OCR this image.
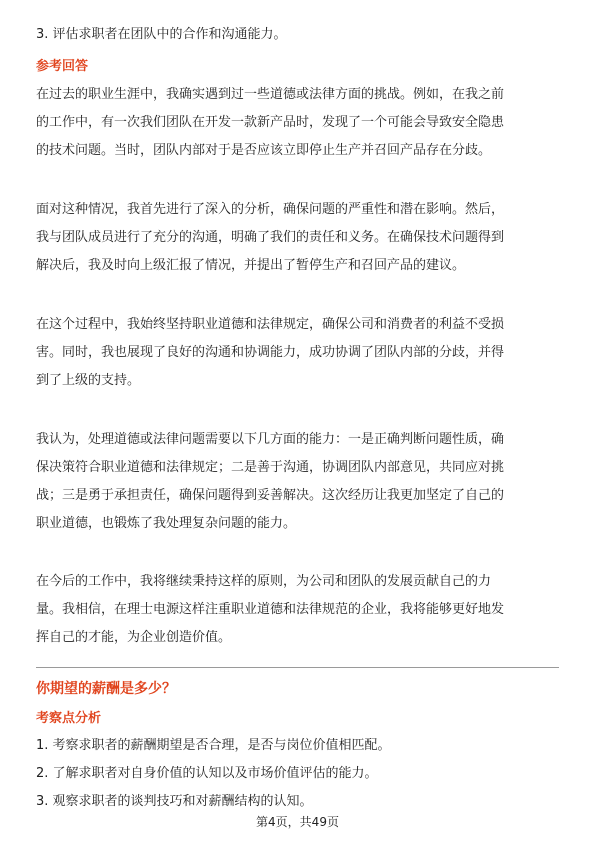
3. 评估求职者在团队中的合作和沟通能力。
参考回答
在过去的职业生涯中，我确实遇到过一些道德或法律方面的挑战。例如，在我之前
的工作中，有一次我们团队在开发一款新产品时，发现了一个可能会导致安全隐患
的技术问题。当时，团队内部对于是否应该立即停止生产并召回产品存在分歧。
面对这种情况，我首先进行了深入的分析，确保问题的严重性和潜在影响。然后，
我与团队成员进行了充分的沟通，明确了我们的责任和义务。在确保技术问题得到
解决后，我及时向上级汇报了情况，并提出了暂停生产和召回产品的建议。
在这个过程中，我始终坚持职业道德和法律规定，确保公司和消费者的利益不受损
害。同时，我也展现了良好的沟通和协调能力，成功协调了团队内部的分歧，并得
到了上级的支持。
我认为，处理道德或法律问题需要以下几方面的能力：一是正确判断问题性质，确
保决策符合职业道德和法律规定；二是善于沟通，协调团队内部意见，共同应对挑
战；三是勇于承担责任，确保问题得到妥善解决。这次经历让我更加坚定了自己的
职业道德，也锻炼了我处理复杂问题的能力。
在今后的工作中，我将继续秉持这样的原则，为公司和团队的发展贡献自己的力
量。我相信，在理士电源这样注重职业道德和法律规范的企业，我将能够更好地发
挥自己的才能，为企业创造价值。
你期望的薪酬是多少？
考察点分析
1. 考察求职者的薪酬期望是否合理，是否与岗位价值相匹配。
2. 了解求职者对自身价值的认知以及市场价值评估的能力。
3. 观察求职者的谈判技巧和对薪酬结构的认知。
第4页，共49页
